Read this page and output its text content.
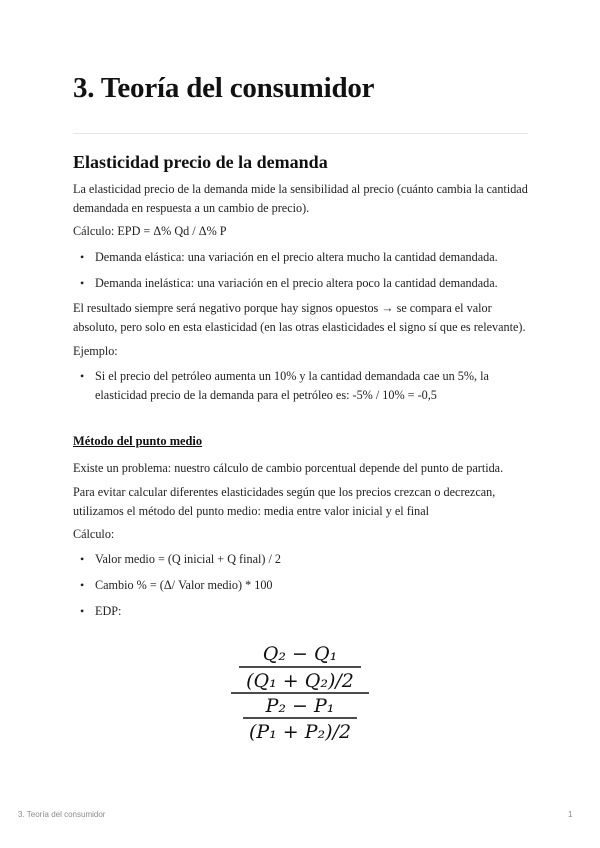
3. Teoría del consumidor
Elasticidad precio de la demanda

La elasticidad precio de la demanda mide la sensibilidad al precio (cuánto cambia la cantidad

demandada en respuesta a un cambio de precio).

Cálculo: EPD = Δ% Qd / Δ% P

• Demanda elástica: una variación en el precio altera mucho la cantidad demandada.

• Demanda inelástica: una variación en el precio altera poco la cantidad demandada.

El resultado siempre será negativo porque hay signos opuestos → se compara el valor

absoluto, pero solo en esta elasticidad (en las otras elasticidades el signo sí que es relevante).

Ejemplo:

• Si el precio del petróleo aumenta un 10% y la cantidad demandada cae un 5%, la

elasticidad precio de la demanda para el petróleo es: -5% / 10% = -0,5

Método del punto medio

Existe un problema: nuestro cálculo de cambio porcentual depende del punto de partida.

Para evitar calcular diferentes elasticidades según que los precios crezcan o decrezcan,

utilizamos el método del punto medio: media entre valor inicial y el final

Cálculo:

• Valor medio = (Q inicial + Q final) / 2

• Cambio % = (Δ/ Valor medio) * 100

• EDP:

Q₂ − Q₁
(Q₁ + Q₂)/2
P₂ − P₁
(P₁ + P₂)/2
3. Teoría del consumidor	1
